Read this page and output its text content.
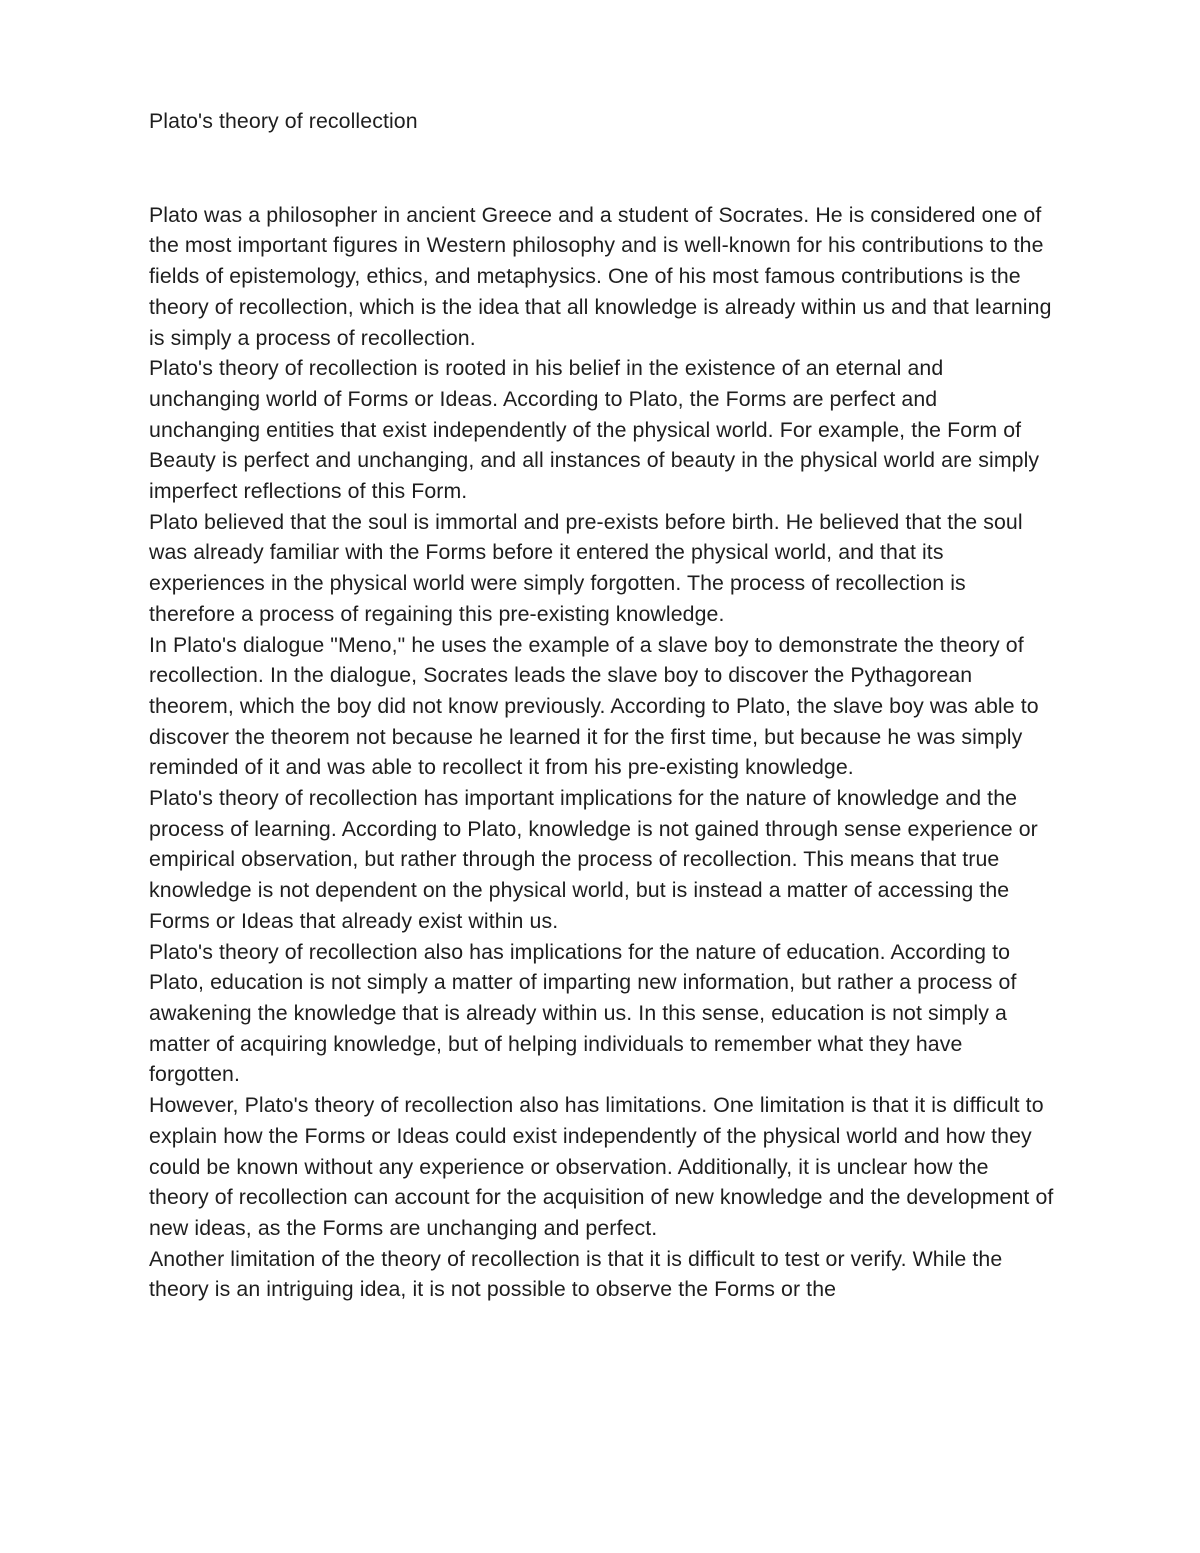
Plato's theory of recollection

Plato was a philosopher in ancient Greece and a student of Socrates. He is considered one of the most important figures in Western philosophy and is well-known for his contributions to the fields of epistemology, ethics, and metaphysics. One of his most famous contributions is the theory of recollection, which is the idea that all knowledge is already within us and that learning is simply a process of recollection.

Plato's theory of recollection is rooted in his belief in the existence of an eternal and unchanging world of Forms or Ideas. According to Plato, the Forms are perfect and unchanging entities that exist independently of the physical world. For example, the Form of Beauty is perfect and unchanging, and all instances of beauty in the physical world are simply imperfect reflections of this Form.

Plato believed that the soul is immortal and pre-exists before birth. He believed that the soul was already familiar with the Forms before it entered the physical world, and that its experiences in the physical world were simply forgotten. The process of recollection is therefore a process of regaining this pre-existing knowledge.

In Plato's dialogue "Meno," he uses the example of a slave boy to demonstrate the theory of recollection. In the dialogue, Socrates leads the slave boy to discover the Pythagorean theorem, which the boy did not know previously. According to Plato, the slave boy was able to discover the theorem not because he learned it for the first time, but because he was simply reminded of it and was able to recollect it from his pre-existing knowledge.

Plato's theory of recollection has important implications for the nature of knowledge and the process of learning. According to Plato, knowledge is not gained through sense experience or empirical observation, but rather through the process of recollection. This means that true knowledge is not dependent on the physical world, but is instead a matter of accessing the Forms or Ideas that already exist within us.

Plato's theory of recollection also has implications for the nature of education. According to Plato, education is not simply a matter of imparting new information, but rather a process of awakening the knowledge that is already within us. In this sense, education is not simply a matter of acquiring knowledge, but of helping individuals to remember what they have forgotten.

However, Plato's theory of recollection also has limitations. One limitation is that it is difficult to explain how the Forms or Ideas could exist independently of the physical world and how they could be known without any experience or observation. Additionally, it is unclear how the theory of recollection can account for the acquisition of new knowledge and the development of new ideas, as the Forms are unchanging and perfect.

Another limitation of the theory of recollection is that it is difficult to test or verify. While the theory is an intriguing idea, it is not possible to observe the Forms or the
